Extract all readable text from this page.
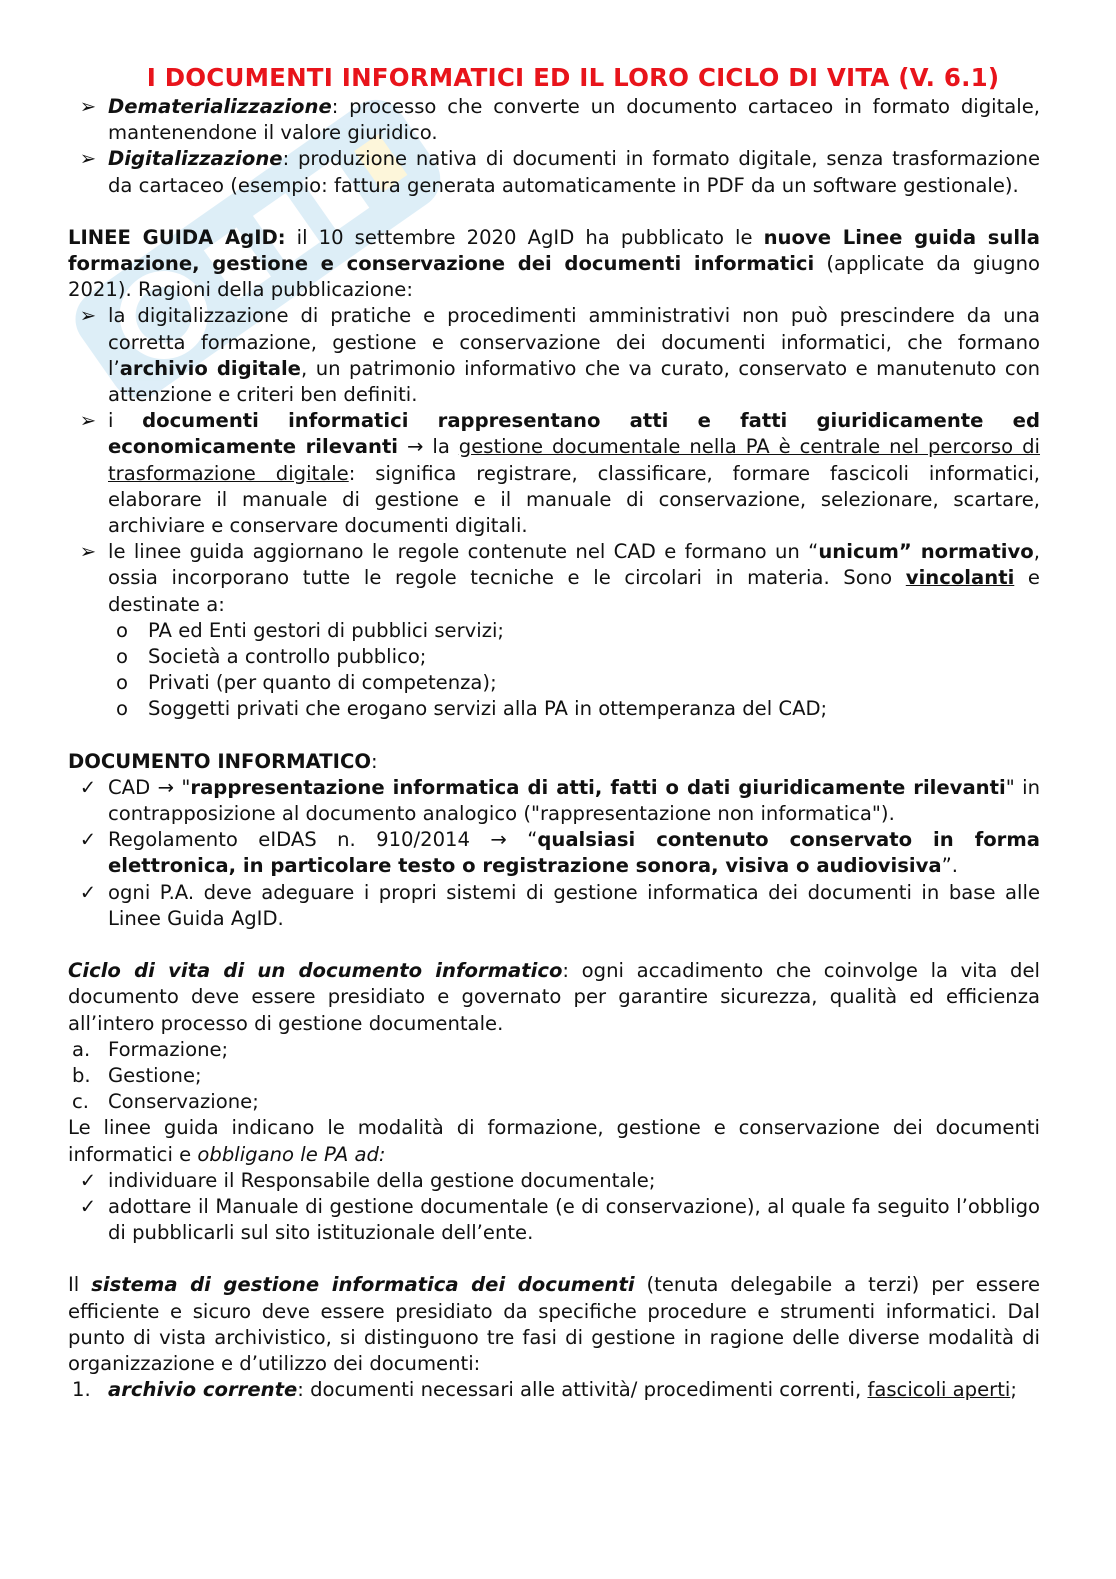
I DOCUMENTI INFORMATICI ED IL LORO CICLO DI VITA (V. 6.1)
➢ Dematerializzazione: processo che converte un documento cartaceo in formato digitale, mantenendone il valore giuridico.
➢ Digitalizzazione: produzione nativa di documenti in formato digitale, senza trasformazione da cartaceo (esempio: fattura generata automaticamente in PDF da un software gestionale).

LINEE GUIDA AgID: il 10 settembre 2020 AgID ha pubblicato le nuove Linee guida sulla formazione, gestione e conservazione dei documenti informatici (applicate da giugno 2021). Ragioni della pubblicazione:

➢ la digitalizzazione di pratiche e procedimenti amministrativi non può prescindere da una corretta formazione, gestione e conservazione dei documenti informatici, che formano l’archivio digitale, un patrimonio informativo che va curato, conservato e manutenuto con attenzione e criteri ben definiti.
➢ i documenti informatici rappresentano atti e fatti giuridicamente ed economicamente rilevanti → la gestione documentale nella PA è centrale nel percorso di trasformazione digitale: significa registrare, classificare, formare fascicoli informatici, elaborare il manuale di gestione e il manuale di conservazione, selezionare, scartare, archiviare e conservare documenti digitali.
➢ le linee guida aggiornano le regole contenute nel CAD e formano un “unicum” normativo, ossia incorporano tutte le regole tecniche e le circolari in materia. Sono vincolanti e destinate a:
o PA ed Enti gestori di pubblici servizi;
o Società a controllo pubblico;
o Privati (per quanto di competenza);
o Soggetti privati che erogano servizi alla PA in ottemperanza del CAD;

DOCUMENTO INFORMATICO:

✓ CAD → "rappresentazione informatica di atti, fatti o dati giuridicamente rilevanti" in contrapposizione al documento analogico ("rappresentazione non informatica").
✓ Regolamento eIDAS n. 910/2014 → “qualsiasi contenuto conservato in forma elettronica, in particolare testo o registrazione sonora, visiva o audiovisiva”.
✓ ogni P.A. deve adeguare i propri sistemi di gestione informatica dei documenti in base alle Linee Guida AgID.

Ciclo di vita di un documento informatico: ogni accadimento che coinvolge la vita del documento deve essere presidiato e governato per garantire sicurezza, qualità ed efficienza all’intero processo di gestione documentale.

a. Formazione;
b. Gestione;
c. Conservazione;

Le linee guida indicano le modalità di formazione, gestione e conservazione dei documenti informatici e obbligano le PA ad:

✓ individuare il Responsabile della gestione documentale;
✓ adottare il Manuale di gestione documentale (e di conservazione), al quale fa seguito l’obbligo di pubblicarli sul sito istituzionale dell’ente.

Il sistema di gestione informatica dei documenti (tenuta delegabile a terzi) per essere efficiente e sicuro deve essere presidiato da specifiche procedure e strumenti informatici. Dal punto di vista archivistico, si distinguono tre fasi di gestione in ragione delle diverse modalità di organizzazione e d’utilizzo dei documenti:

1. archivio corrente: documenti necessari alle attività/ procedimenti correnti, fascicoli aperti;
